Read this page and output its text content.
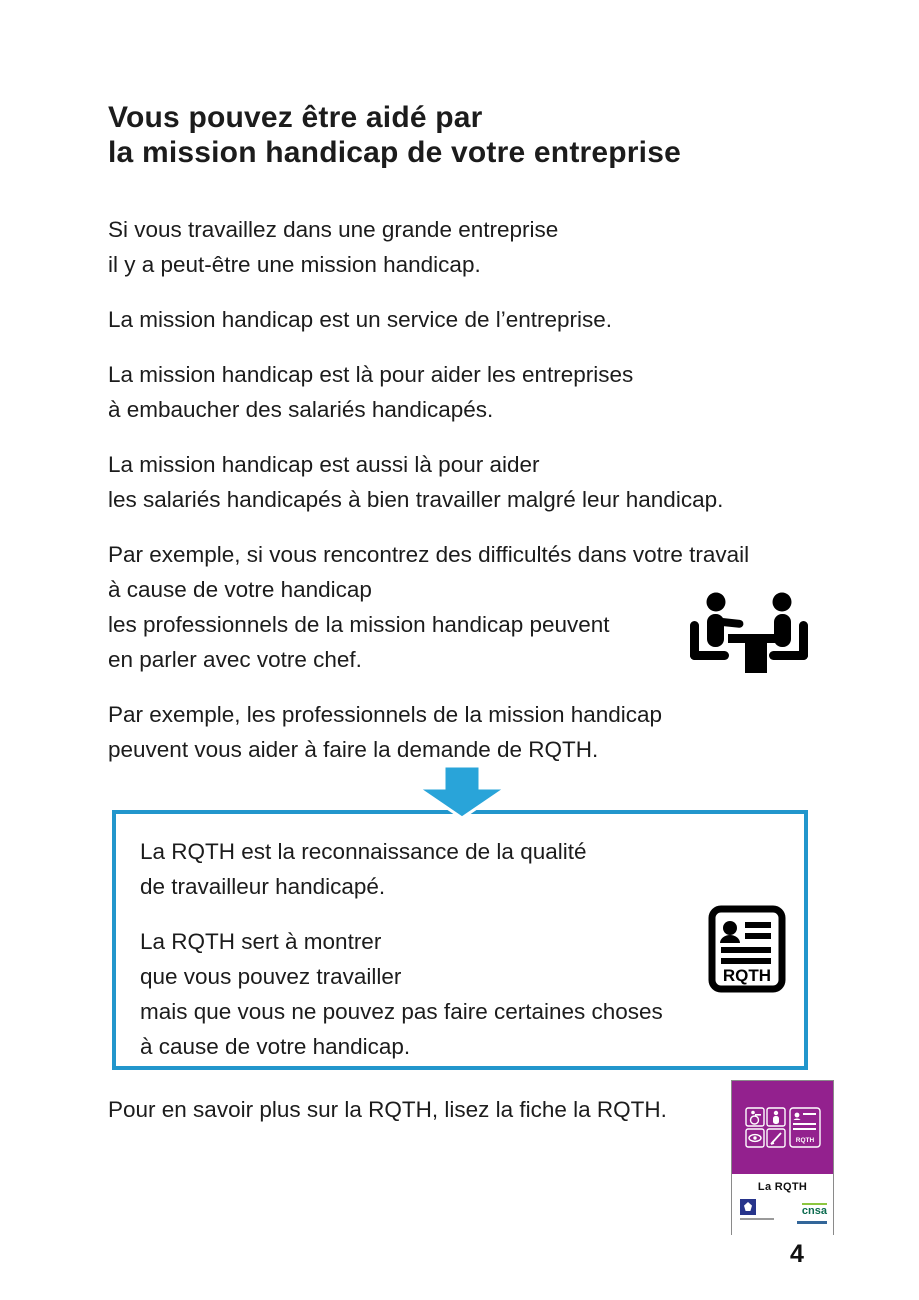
Vous pouvez être aidé par
la mission handicap de votre entreprise
Si vous travaillez dans une grande entreprise
il y a peut-être une mission handicap.
La mission handicap est un service de l’entreprise.
La mission handicap est là pour aider les entreprises
à embaucher des salariés handicapés.
La mission handicap est aussi là pour aider
les salariés handicapés à bien travailler malgré leur handicap.
Par exemple, si vous rencontrez des difficultés dans votre travail
à cause de votre handicap
les professionnels de la mission handicap peuvent
en parler avec votre chef.
Par exemple, les professionnels de la mission handicap
peuvent vous aider à faire la demande de RQTH.
La RQTH est la reconnaissance de la qualité
de travailleur handicapé.
La RQTH sert à montrer
que vous pouvez travailler
mais que vous ne pouvez pas faire certaines choses
à cause de votre handicap.
RQTH
Pour en savoir plus sur la RQTH, lisez la fiche la RQTH.
RQTH
La RQTH
cnsa
4
